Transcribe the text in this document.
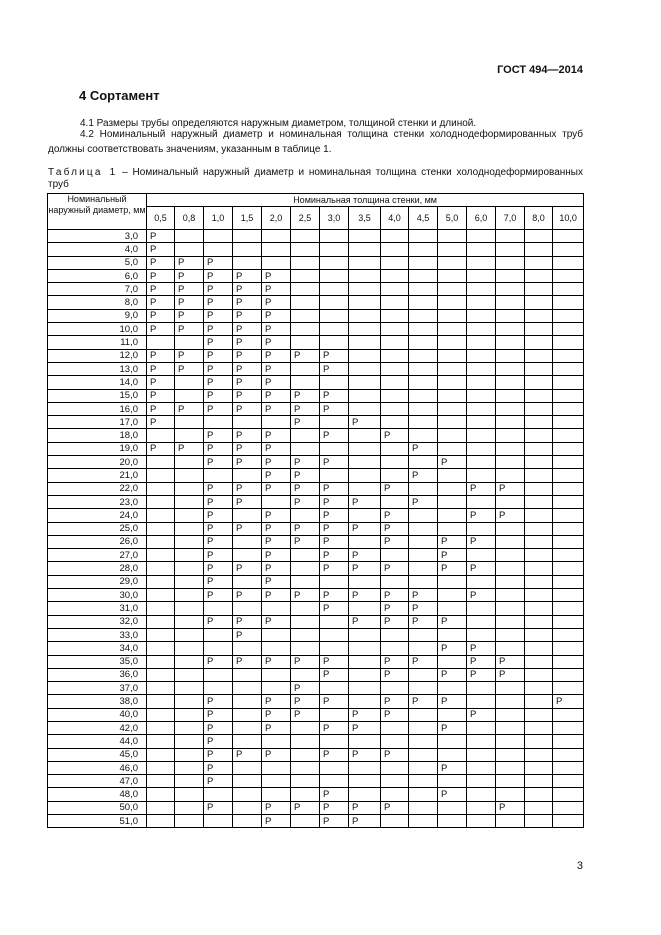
ГОСТ 494—2014
4 Сортамент
4.1 Размеры трубы определяются наружным диаметром, толщиной стенки и длиной.
4.2 Номинальный наружный диаметр и номинальная толщина стенки холоднодеформированных труб должны соответствовать значениям, указанным в таблице 1.
Таблица 1 – Номинальный наружный диаметр и номинальная толщина стенки холоднодеформированных труб
Номинальный наружный диаметр, мм	Номинальная толщина стенки, мм														
	0,5	0,8	1,0	1,5	2,0	2,5	3,0	3,5	4,0	4,5	5,0	6,0	7,0	8,0	10,0
3,0	Р														
4,0	Р														
5,0	Р	Р	Р												
6,0	Р	Р	Р	Р	Р										
7,0	Р	Р	Р	Р	Р										
8,0	Р	Р	Р	Р	Р										
9,0	Р	Р	Р	Р	Р										
10,0	Р	Р	Р	Р	Р										
11,0			Р	Р	Р										
12,0	Р	Р	Р	Р	Р	Р	Р								
13,0	Р	Р	Р	Р	Р		Р								
14,0	Р		Р	Р	Р										
15,0	Р		Р	Р	Р	Р	Р								
16,0	Р	Р	Р	Р	Р	Р	Р								
17,0	Р					Р		Р							
18,0			Р	Р	Р		Р		Р						
19,0	Р	Р	Р	Р	Р					Р					
20,0			Р	Р	Р	Р	Р				Р				
21,0					Р	Р				Р					
22,0			Р	Р	Р	Р	Р		Р			Р	Р		
23,0			Р	Р		Р	Р	Р		Р					
24,0			Р		Р		Р		Р			Р	Р		
25,0			Р	Р	Р	Р	Р	Р	Р						
26,0			Р		Р	Р	Р		Р		Р	Р			
27,0			Р		Р		Р	Р			Р				
28,0			Р	Р	Р		Р	Р	Р		Р	Р			
29,0			Р		Р										
30,0			Р	Р	Р	Р	Р	Р	Р	Р		Р			
31,0							Р		Р	Р					
32,0			Р	Р	Р			Р	Р	Р	Р				
33,0				Р											
34,0											Р	Р			
35,0			Р	Р	Р	Р	Р		Р	Р		Р	Р		
36,0							Р		Р		Р	Р	Р		
37,0						Р									
38,0			Р		Р	Р	Р		Р	Р	Р				Р
40,0			Р		Р	Р		Р	Р			Р			
42,0			Р		Р		Р	Р			Р				
44,0			Р												
45,0			Р	Р	Р		Р	Р	Р						
46,0			Р								Р				
47,0			Р												
48,0							Р				Р				
50,0			Р		Р	Р	Р	Р	Р				Р		
51,0					Р		Р	Р							
3
